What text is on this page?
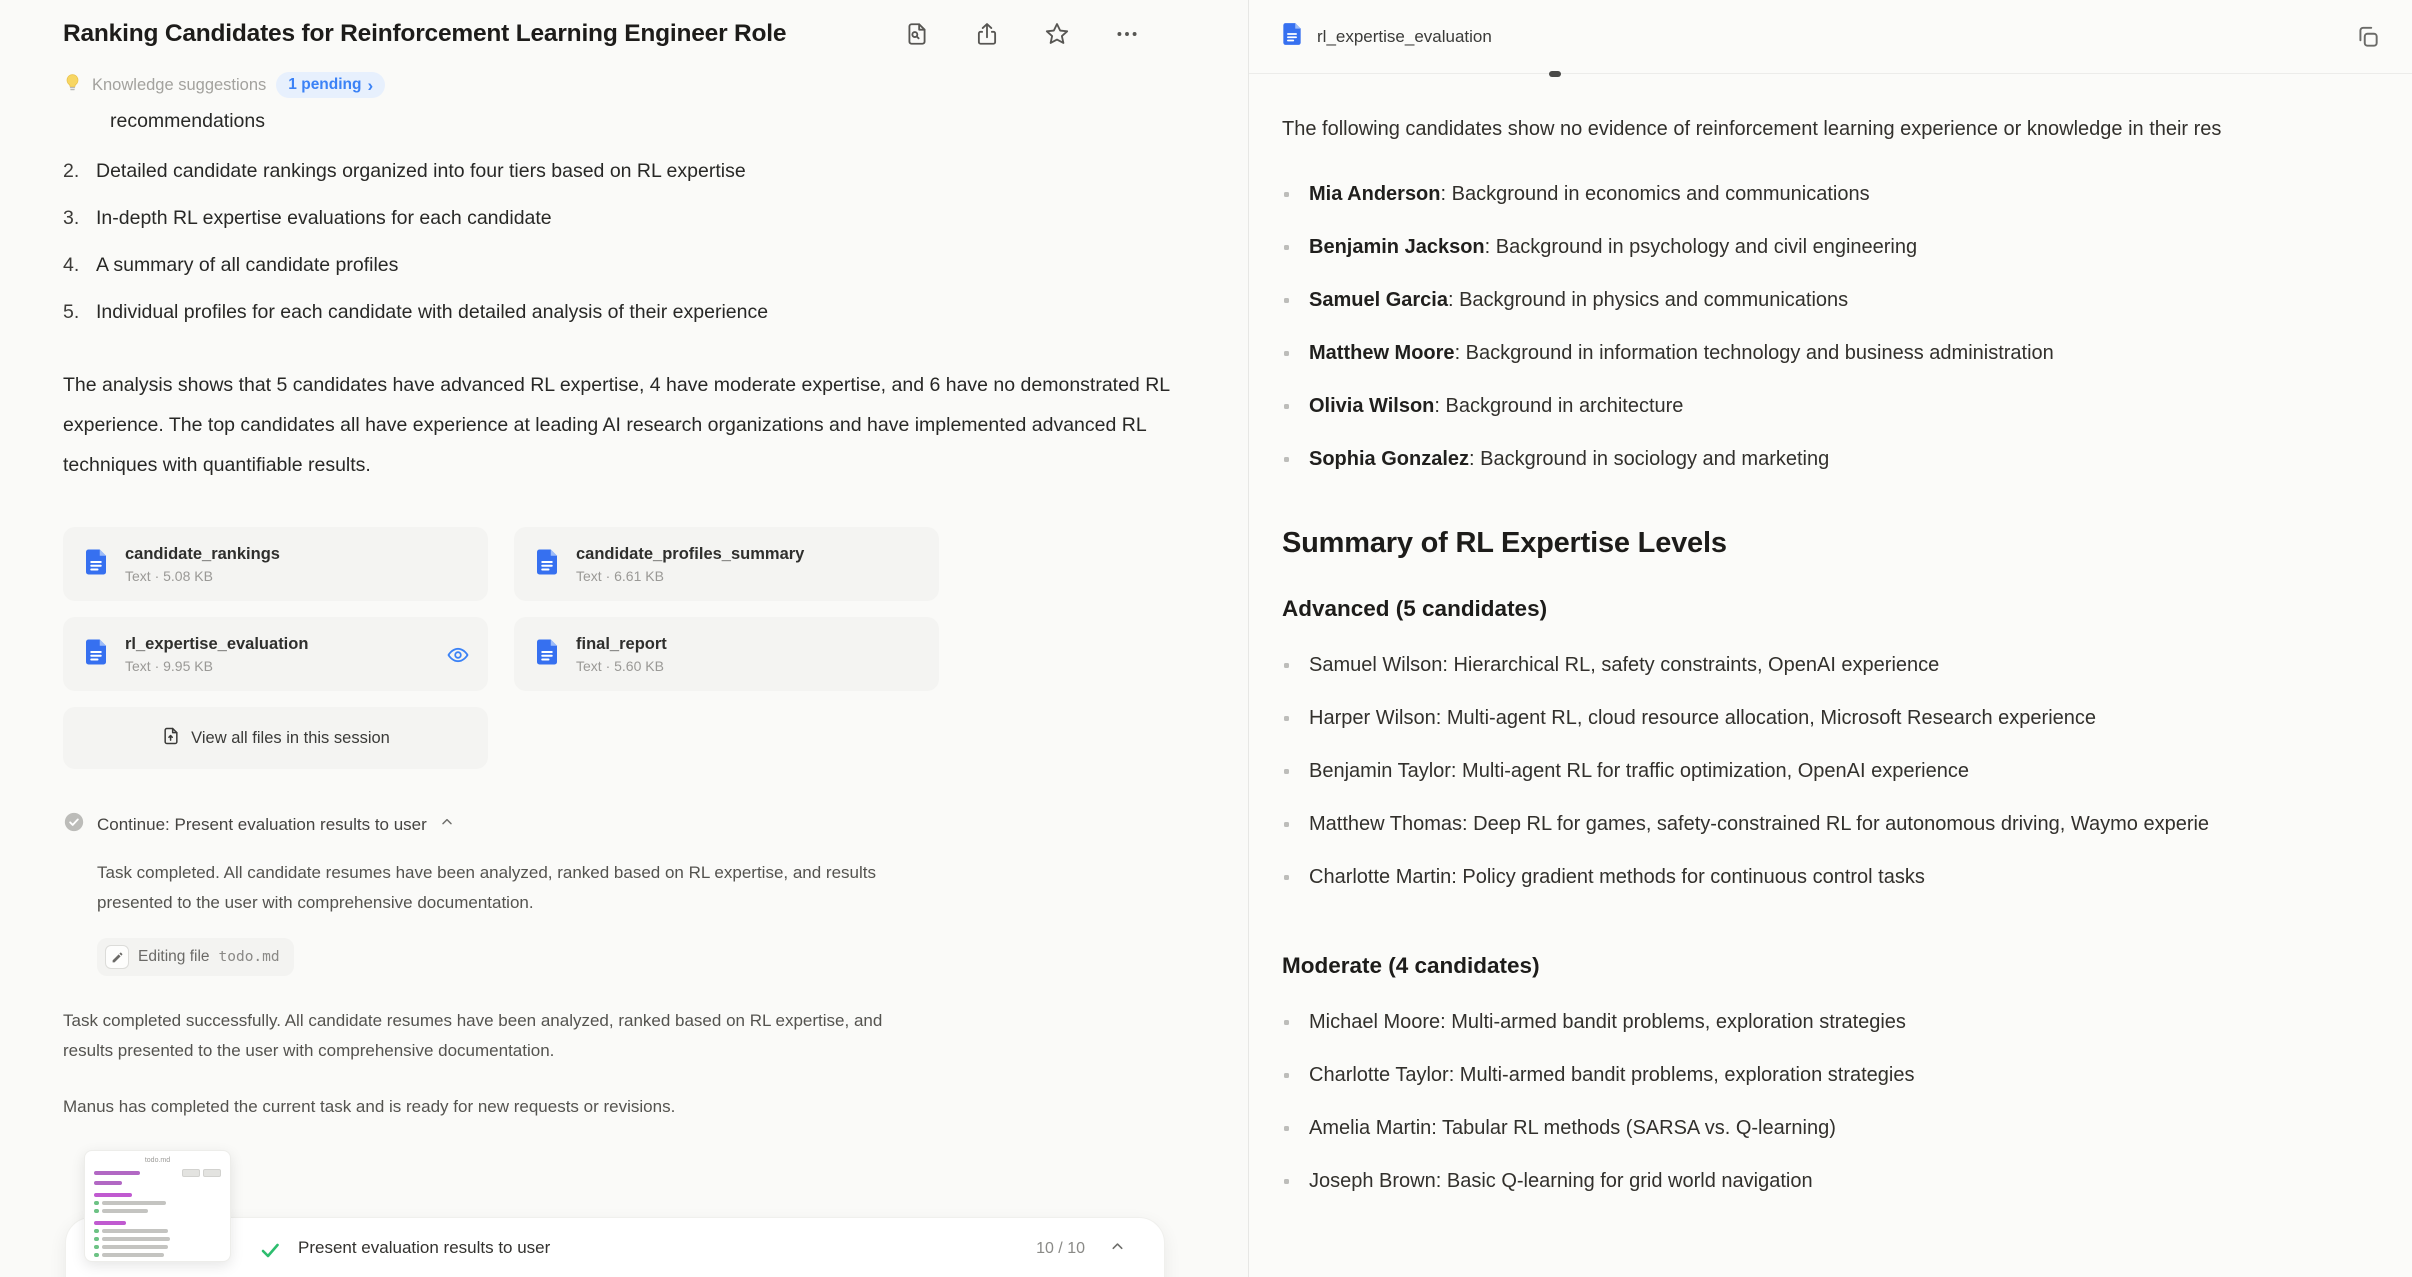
Ranking Candidates for Reinforcement Learning Engineer Role
Knowledge suggestions 1 pending ›
recommendations
2. Detailed candidate rankings organized into four tiers based on RL expertise
3. In-depth RL expertise evaluations for each candidate
4. A summary of all candidate profiles
5. Individual profiles for each candidate with detailed analysis of their experience

The analysis shows that 5 candidates have advanced RL expertise, 4 have moderate expertise, and 6 have no demonstrated RL experience. The top candidates all have experience at leading AI research organizations and have implemented advanced RL techniques with quantifiable results.

candidate_rankings
Text · 5.08 KB
candidate_profiles_summary
Text · 6.61 KB
rl_expertise_evaluation
Text · 9.95 KB
final_report
Text · 5.60 KB
View all files in this session
Continue: Present evaluation results to user
Task completed. All candidate resumes have been analyzed, ranked based on RL expertise, and results presented to the user with comprehensive documentation.
Editing file todo.md

Task completed successfully. All candidate resumes have been analyzed, ranked based on RL expertise, and results presented to the user with comprehensive documentation.

Manus has completed the current task and is ready for new requests or revisions.

Present evaluation results to user	10 / 10
todo.md
rl_expertise_evaluation

The following candidates show no evidence of reinforcement learning experience or knowledge in their res

Mia Anderson: Background in economics and communications
Benjamin Jackson: Background in psychology and civil engineering
Samuel Garcia: Background in physics and communications
Matthew Moore: Background in information technology and business administration
Olivia Wilson: Background in architecture
Sophia Gonzalez: Background in sociology and marketing
Summary of RL Expertise Levels
Advanced (5 candidates)
Samuel Wilson: Hierarchical RL, safety constraints, OpenAI experience
Harper Wilson: Multi-agent RL, cloud resource allocation, Microsoft Research experience
Benjamin Taylor: Multi-agent RL for traffic optimization, OpenAI experience
Matthew Thomas: Deep RL for games, safety-constrained RL for autonomous driving, Waymo experie
Charlotte Martin: Policy gradient methods for continuous control tasks
Moderate (4 candidates)
Michael Moore: Multi-armed bandit problems, exploration strategies
Charlotte Taylor: Multi-armed bandit problems, exploration strategies
Amelia Martin: Tabular RL methods (SARSA vs. Q-learning)
Joseph Brown: Basic Q-learning for grid world navigation
